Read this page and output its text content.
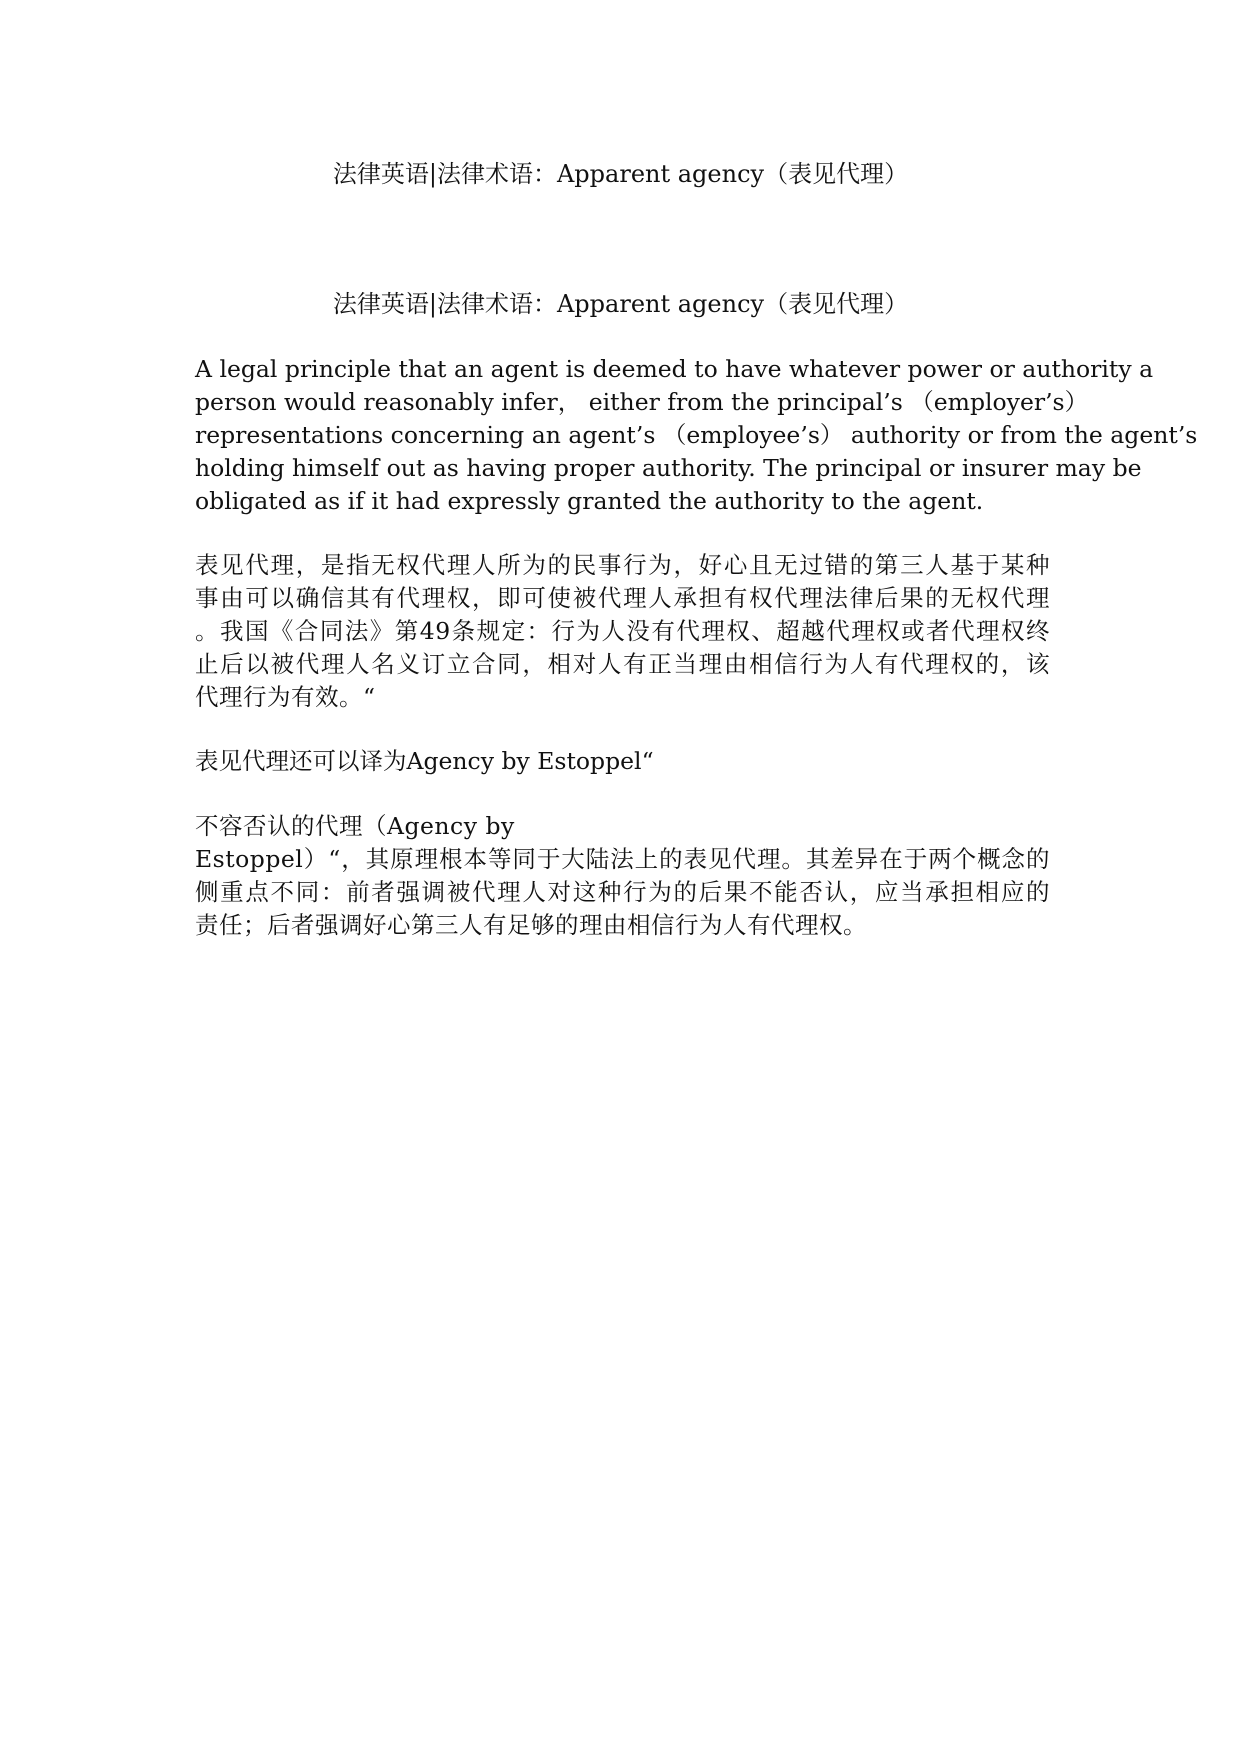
法律英语|法律术语：Apparent agency（表见代理）
法律英语|法律术语：Apparent agency（表见代理）
A legal principle that an agent is deemed to have whatever power or authority a
person would reasonably infer， either from the principal’s （employer’s）
representations concerning an agent’s （employee’s） authority or from the agent’s
holding himself out as having proper authority. The principal or insurer may be
obligated as if it had expressly granted the authority to the agent.
表见代理，是指无权代理人所为的民事行为，好心且无过错的第三人基于某种
事由可以确信其有代理权，即可使被代理人承担有权代理法律后果的无权代理
。我国《合同法》第49条规定：行为人没有代理权、超越代理权或者代理权终
止后以被代理人名义订立合同，相对人有正当理由相信行为人有代理权的，该
代理行为有效。“
表见代理还可以译为Agency by Estoppel“
不容否认的代理（Agency by
Estoppel）“，其原理根本等同于大陆法上的表见代理。其差异在于两个概念的
侧重点不同：前者强调被代理人对这种行为的后果不能否认，应当承担相应的
责任；后者强调好心第三人有足够的理由相信行为人有代理权。
